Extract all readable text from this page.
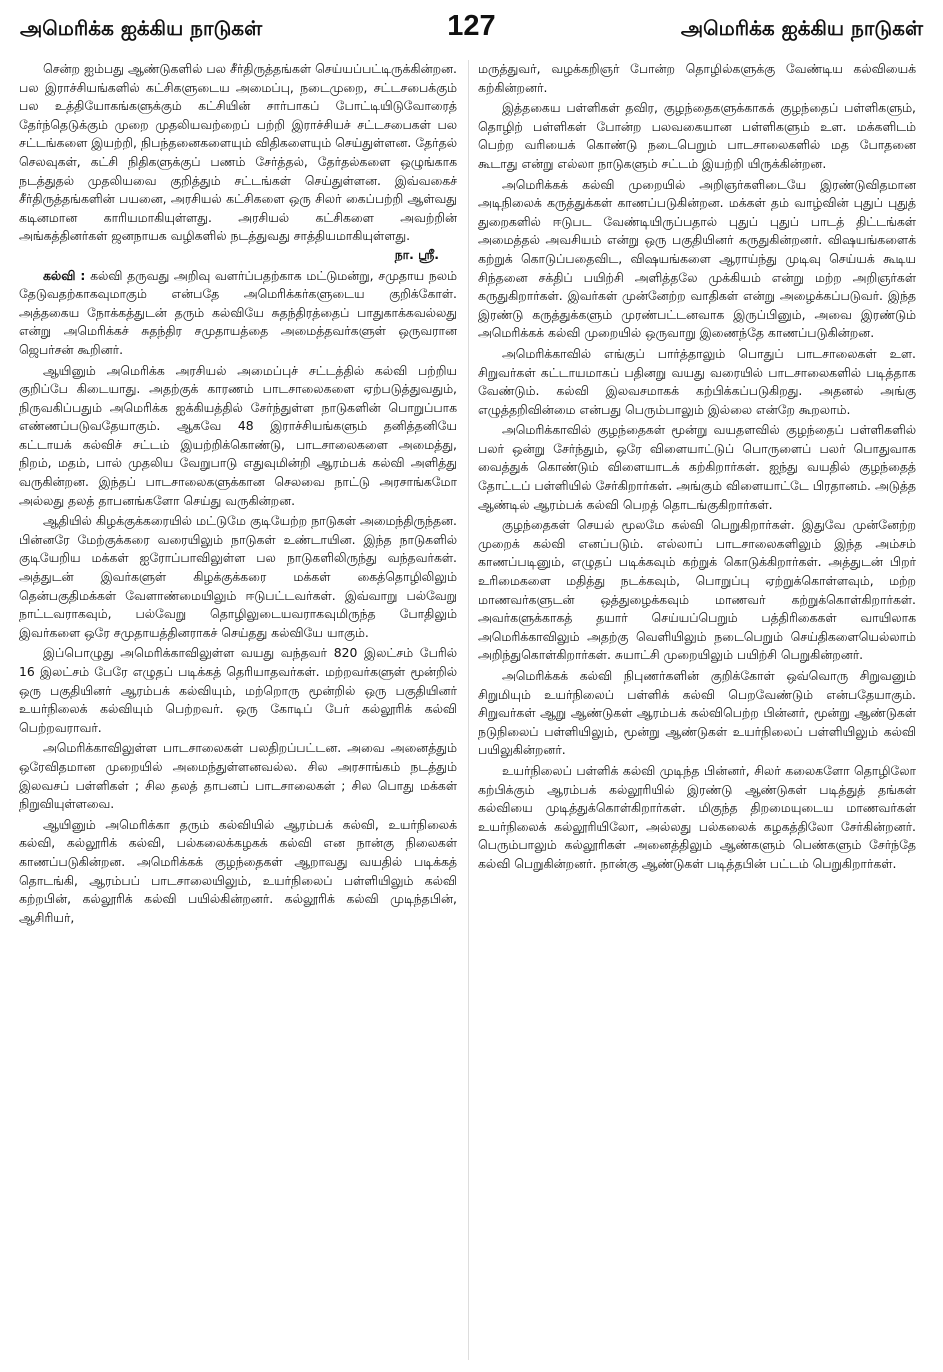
அமெரிக்க ஐக்கிய நாடுகள்	127	அமெரிக்க ஐக்கிய நாடுகள்

சென்ற ஐம்பது ஆண்டுகளில் பல சீர்திருத்தங்கள் செய்யப்பட்டிருக்கின்றன. பல இராச்சியங்களில் கட்சிகளுடைய அமைப்பு, நடைமுறை, சட்டசபைக்கும் பல உத்தியோகங்களுக்கும் கட்சியின் சார்பாகப் போட்டியிடுவோரைத் தேர்ந்தெடுக்கும் முறை முதலியவற்றைப் பற்றி இராச்சியச் சட்டசபைகள் பல சட்டங்களை இயற்றி, நிபந்தனைகளையும் விதிகளையும் செய்துள்ளன. தேர்தல் செலவுகள், கட்சி நிதிகளுக்குப் பணம் சேர்த்தல், தேர்தல்களை ஒழுங்காக நடத்துதல் முதலியவை குறித்தும் சட்டங்கள் செய்துள்ளன. இவ்வகைச் சீர்திருத்தங்களின் பயனை, அரசியல் கட்சிகளை ஒரு சிலர் கைப்பற்றி ஆள்வது கடினமான காரியமாகியுள்ளது. அரசியல் கட்சிகளை அவற்றின் அங்கத்தினர்கள் ஜனநாயக வழிகளில் நடத்துவது சாத்தியமாகியுள்ளது.
நா. ஸ்ரீ.

கல்வி : கல்வி தருவது அறிவு வளர்ப்பதற்காக மட்டுமன்று, சமுதாய நலம் தேடுவதற்காகவுமாகும் என்பதே அமெரிக்கர்களுடைய குறிக்கோள். அத்தகைய நோக்கத்துடன் தரும் கல்வியே சுதந்திரத்தைப் பாதுகாக்கவல்லது என்று அமெரிக்கச் சுதந்திர சமுதாயத்தை அமைத்தவர்களுள் ஒருவரான ஜெபர்சன் கூறினர்.

ஆயினும் அமெரிக்க அரசியல் அமைப்புச் சட்டத்தில் கல்வி பற்றிய குறிப்பே கிடையாது. அதற்குக் காரணம் பாடசாலைகளை ஏற்படுத்துவதும், நிருவகிப்பதும் அமெரிக்க ஐக்கியத்தில் சேர்ந்துள்ள நாடுகளின் பொறுப்பாக எண்ணப்படுவதேயாகும். ஆகவே 48 இராச்சியங்களும் தனித்தனியே கட்டாயக் கல்விச் சட்டம் இயற்றிக்கொண்டு, பாடசாலைகளை அமைத்து, நிறம், மதம், பால் முதலிய வேறுபாடு எதுவுமின்றி ஆரம்பக் கல்வி அளித்து வருகின்றன. இந்தப் பாடசாலைகளுக்கான செலவை நாட்டு அரசாங்கமோ அல்லது தலத் தாபனங்களோ செய்து வருகின்றன.

ஆதியில் கிழக்குக்கரையில் மட்டுமே குடியேற்ற நாடுகள் அமைந்திருந்தன. பின்னரே மேற்குக்கரை வரையிலும் நாடுகள் உண்டாயின. இந்த நாடுகளில் குடியேறிய மக்கள் ஐரோப்பாவிலுள்ள பல நாடுகளிலிருந்து வந்தவர்கள். அத்துடன் இவர்களுள் கிழக்குக்கரை மக்கள் கைத்தொழிலிலும் தென்பகுதிமக்கள் வேளாண்மையிலும் ஈடுபட்டவர்கள். இவ்வாறு பல்வேறு நாட்டவராகவும், பல்வேறு தொழிலுடையவராகவுமிருந்த போதிலும் இவர்களை ஒரே சமுதாயத்தினராகச் செய்தது கல்வியே யாகும்.

இப்பொழுது அமெரிக்காவிலுள்ள வயது வந்தவர் 820 இலட்சம் பேரில் 16 இலட்சம் பேரே எழுதப் படிக்கத் தெரியாதவர்கள். மற்றவர்களுள் மூன்றில் ஒரு பகுதியினர் ஆரம்பக் கல்வியும், மற்றொரு மூன்றில் ஒரு பகுதியினர் உயர்நிலைக் கல்வியும் பெற்றவர். ஒரு கோடிப் பேர் கல்லூரிக் கல்வி பெற்றவராவர்.

அமெரிக்காவிலுள்ள பாடசாலைகள் பலதிறப்பட்டன. அவை அனைத்தும் ஒரேவிதமான முறையில் அமைந்துள்ளனவல்ல. சில அரசாங்கம் நடத்தும் இலவசப் பள்ளிகள் ; சில தலத் தாபனப் பாடசாலைகள் ; சில பொது மக்கள் நிறுவியுள்ளவை.

ஆயினும் அமெரிக்கா தரும் கல்வியில் ஆரம்பக் கல்வி, உயர்நிலைக் கல்வி, கல்லூரிக் கல்வி, பல்கலைக்கழகக் கல்வி என நான்கு நிலைகள் காணப்படுகின்றன. அமெரிக்கக் குழந்தைகள் ஆறாவது வயதில் படிக்கத் தொடங்கி, ஆரம்பப் பாடசாலையிலும், உயர்நிலைப் பள்ளியிலும் கல்வி கற்றபின், கல்லூரிக் கல்வி பயில்கின்றனர். கல்லூரிக் கல்வி முடிந்தபின், ஆசிரியர்,

மருத்துவர், வழக்கறிஞர் போன்ற தொழில்களுக்கு வேண்டிய கல்வியைக் கற்கின்றனர்.

இத்தகைய பள்ளிகள் தவிர, குழந்தைகளுக்காகக் குழந்தைப் பள்ளிகளும், தொழிற் பள்ளிகள் போன்ற பலவகையான பள்ளிகளும் உள. மக்களிடம் பெற்ற வரியைக் கொண்டு நடைபெறும் பாடசாலைகளில் மத போதனை கூடாது என்று எல்லா நாடுகளும் சட்டம் இயற்றி யிருக்கின்றன.

அமெரிக்கக் கல்வி முறையில் அறிஞர்களிடையே இரண்டுவிதமான அடிநிலைக் கருத்துக்கள் காணப்படுகின்றன. மக்கள் தம் வாழ்வின் புதுப் புதுத் துறைகளில் ஈடுபட வேண்டியிருப்பதால் புதுப் புதுப் பாடத் திட்டங்கள் அமைத்தல் அவசியம் என்று ஒரு பகுதியினர் கருதுகின்றனர். விஷயங்களைக் கற்றுக் கொடுப்பதைவிட, விஷயங்களை ஆராய்ந்து முடிவு செய்யக் கூடிய சிந்தனை சக்திப் பயிற்சி அளித்தலே முக்கியம் என்று மற்ற அறிஞர்கள் கருதுகிறார்கள். இவர்கள் முன்னேற்ற வாதிகள் என்று அழைக்கப்படுவர். இந்த இரண்டு கருத்துக்களும் முரண்பட்டனவாக இருப்பினும், அவை இரண்டும் அமெரிக்கக் கல்வி முறையில் ஒருவாறு இணைந்தே காணப்படுகின்றன.

அமெரிக்காவில் எங்குப் பார்த்தாலும் பொதுப் பாடசாலைகள் உள. சிறுவர்கள் கட்டாயமாகப் பதினறு வயது வரையில் பாடசாலைகளில் படித்தாக வேண்டும். கல்வி இலவசமாகக் கற்பிக்கப்படுகிறது. அதனல் அங்கு எழுத்தறிவின்மை என்பது பெரும்பாலும் இல்லை என்றே கூறலாம்.

அமெரிக்காவில் குழந்தைகள் மூன்று வயதளவில் குழந்தைப் பள்ளிகளில் பலர் ஒன்று சேர்ந்தும், ஒரே விளையாட்டுப் பொருளைப் பலர் பொதுவாக வைத்துக் கொண்டும் விளையாடக் கற்கிறார்கள். ஐந்து வயதில் குழந்தைத் தோட்டப் பள்ளியில் சேர்கிறார்கள். அங்கும் விளையாட்டே பிரதானம். அடுத்த ஆண்டில் ஆரம்பக் கல்வி பெறத் தொடங்குகிறார்கள்.

குழந்தைகள் செயல் மூலமே கல்வி பெறுகிறார்கள். இதுவே முன்னேற்ற முறைக் கல்வி எனப்படும். எல்லாப் பாடசாலைகளிலும் இந்த அம்சம் காணப்படினும், எழுதப் படிக்கவும் கற்றுக் கொடுக்கிறார்கள். அத்துடன் பிறர் உரிமைகளை மதித்து நடக்கவும், பொறுப்பு ஏற்றுக்கொள்ளவும், மற்ற மாணவர்களுடன் ஒத்துழைக்கவும் மாணவர் கற்றுக்கொள்கிறார்கள். அவர்களுக்காகத் தயார் செய்யப்பெறும் பத்திரிகைகள் வாயிலாக அமெரிக்காவிலும் அதற்கு வெளியிலும் நடைபெறும் செய்திகளையெல்லாம் அறிந்துகொள்கிறார்கள். சுயாட்சி முறையிலும் பயிற்சி பெறுகின்றனர்.

அமெரிக்கக் கல்வி நிபுணர்களின் குறிக்கோள் ஒவ்வொரு சிறுவனும் சிறுமியும் உயர்நிலைப் பள்ளிக் கல்வி பெறவேண்டும் என்பதேயாகும். சிறுவர்கள் ஆறு ஆண்டுகள் ஆரம்பக் கல்விபெற்ற பின்னர், மூன்று ஆண்டுகள் நடுநிலைப் பள்ளியிலும், மூன்று ஆண்டுகள் உயர்நிலைப் பள்ளியிலும் கல்வி பயிலுகின்றனர்.

உயர்நிலைப் பள்ளிக் கல்வி முடிந்த பின்னர், சிலர் கலைகளோ தொழிலோ கற்பிக்கும் ஆரம்பக் கல்லூரியில் இரண்டு ஆண்டுகள் படித்துத் தங்கள் கல்வியை முடித்துக்கொள்கிறார்கள். மிகுந்த திறமையுடைய மாணவர்கள் உயர்நிலைக் கல்லூரியிலோ, அல்லது பல்கலைக் கழகத்திலோ சேர்கின்றனர். பெரும்பாலும் கல்லூரிகள் அனைத்திலும் ஆண்களும் பெண்களும் சேர்ந்தே கல்வி பெறுகின்றனர். நான்கு ஆண்டுகள் படித்தபின் பட்டம் பெறுகிறார்கள்.
